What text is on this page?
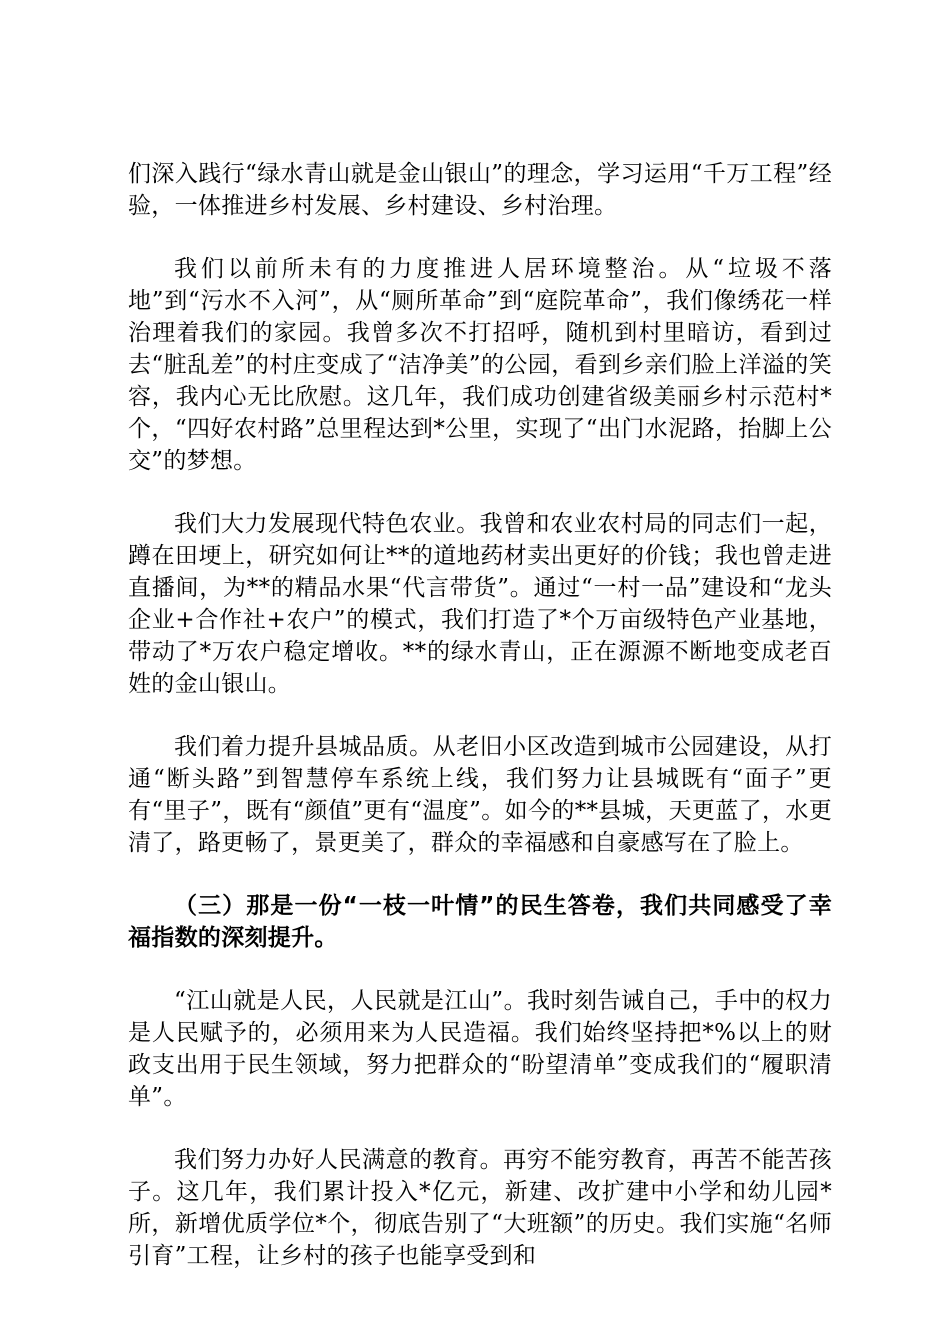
们深入践行“绿水青山就是金山银山”的理念，学习运用“千万工程”经验，一体推进乡村发展、乡村建设、乡村治理。

我们以前所未有的力度推进人居环境整治。从“垃圾不落地”到“污水不入河”，从“厕所革命”到“庭院革命”，我们像绣花一样治理着我们的家园。我曾多次不打招呼，随机到村里暗访，看到过去“脏乱差”的村庄变成了“洁净美”的公园，看到乡亲们脸上洋溢的笑容，我内心无比欣慰。这几年，我们成功创建省级美丽乡村示范村*个，“四好农村路”总里程达到*公里，实现了“出门水泥路，抬脚上公交”的梦想。

我们大力发展现代特色农业。我曾和农业农村局的同志们一起，蹲在田埂上，研究如何让**的道地药材卖出更好的价钱；我也曾走进直播间，为**的精品水果“代言带货”。通过“一村一品”建设和“龙头企业+合作社+农户”的模式，我们打造了*个万亩级特色产业基地，带动了*万农户稳定增收。**的绿水青山，正在源源不断地变成老百姓的金山银山。

我们着力提升县城品质。从老旧小区改造到城市公园建设，从打通“断头路”到智慧停车系统上线，我们努力让县城既有“面子”更有“里子”，既有“颜值”更有“温度”。如今的**县城，天更蓝了，水更清了，路更畅了，景更美了，群众的幸福感和自豪感写在了脸上。

（三）那是一份“一枝一叶情”的民生答卷，我们共同感受了幸福指数的深刻提升。

“江山就是人民，人民就是江山”。我时刻告诫自己，手中的权力是人民赋予的，必须用来为人民造福。我们始终坚持把*%以上的财政支出用于民生领域，努力把群众的“盼望清单”变成我们的“履职清单”。

我们努力办好人民满意的教育。再穷不能穷教育，再苦不能苦孩子。这几年，我们累计投入*亿元，新建、改扩建中小学和幼儿园*所，新增优质学位*个，彻底告别了“大班额”的历史。我们实施“名师引育”工程，让乡村的孩子也能享受到和
